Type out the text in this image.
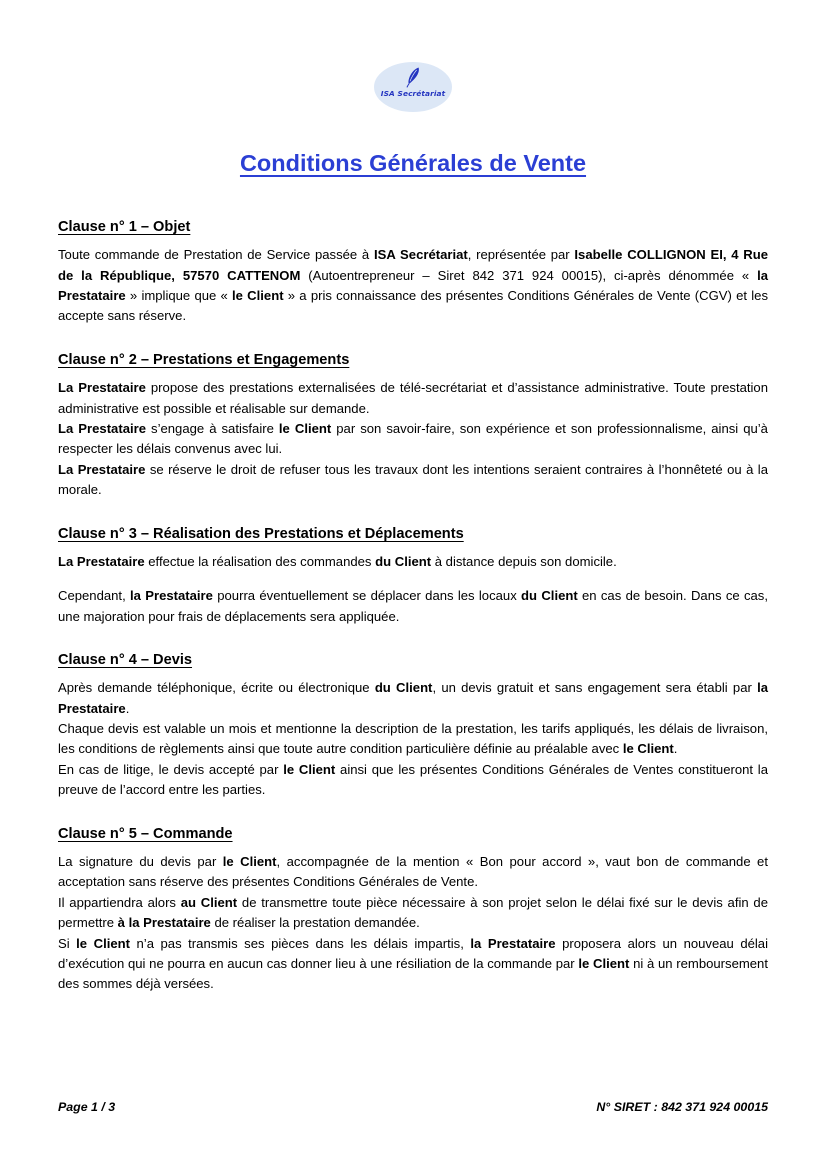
ISA Secrétariat
Conditions Générales de Vente
Clause n° 1 – Objet

Toute commande de Prestation de Service passée à ISA Secrétariat, représentée par Isabelle COLLIGNON EI, 4 Rue de la République, 57570 CATTENOM (Autoentrepreneur – Siret 842 371 924 00015), ci-après dénommée « la Prestataire » implique que « le Client » a pris connaissance des présentes Conditions Générales de Vente (CGV) et les accepte sans réserve.

Clause n° 2 – Prestations et Engagements

La Prestataire propose des prestations externalisées de télé-secrétariat et d’assistance administrative. Toute prestation administrative est possible et réalisable sur demande.

La Prestataire s’engage à satisfaire le Client par son savoir-faire, son expérience et son professionnalisme, ainsi qu’à respecter les délais convenus avec lui.

La Prestataire se réserve le droit de refuser tous les travaux dont les intentions seraient contraires à l’honnêteté ou à la morale.

Clause n° 3 – Réalisation des Prestations et Déplacements

La Prestataire effectue la réalisation des commandes du Client à distance depuis son domicile.

Cependant, la Prestataire pourra éventuellement se déplacer dans les locaux du Client en cas de besoin. Dans ce cas, une majoration pour frais de déplacements sera appliquée.

Clause n° 4 – Devis

Après demande téléphonique, écrite ou électronique du Client, un devis gratuit et sans engagement sera établi par la Prestataire.

Chaque devis est valable un mois et mentionne la description de la prestation, les tarifs appliqués, les délais de livraison, les conditions de règlements ainsi que toute autre condition particulière définie au préalable avec le Client.

En cas de litige, le devis accepté par le Client ainsi que les présentes Conditions Générales de Ventes constitueront la preuve de l’accord entre les parties.

Clause n° 5 – Commande

La signature du devis par le Client, accompagnée de la mention « Bon pour accord », vaut bon de commande et acceptation sans réserve des présentes Conditions Générales de Vente.

Il appartiendra alors au Client de transmettre toute pièce nécessaire à son projet selon le délai fixé sur le devis afin de permettre à la Prestataire de réaliser la prestation demandée.

Si le Client n’a pas transmis ses pièces dans les délais impartis, la Prestataire proposera alors un nouveau délai d’exécution qui ne pourra en aucun cas donner lieu à une résiliation de la commande par le Client ni à un remboursement des sommes déjà versées.

Page 1 / 3	N° SIRET : 842 371 924 00015
